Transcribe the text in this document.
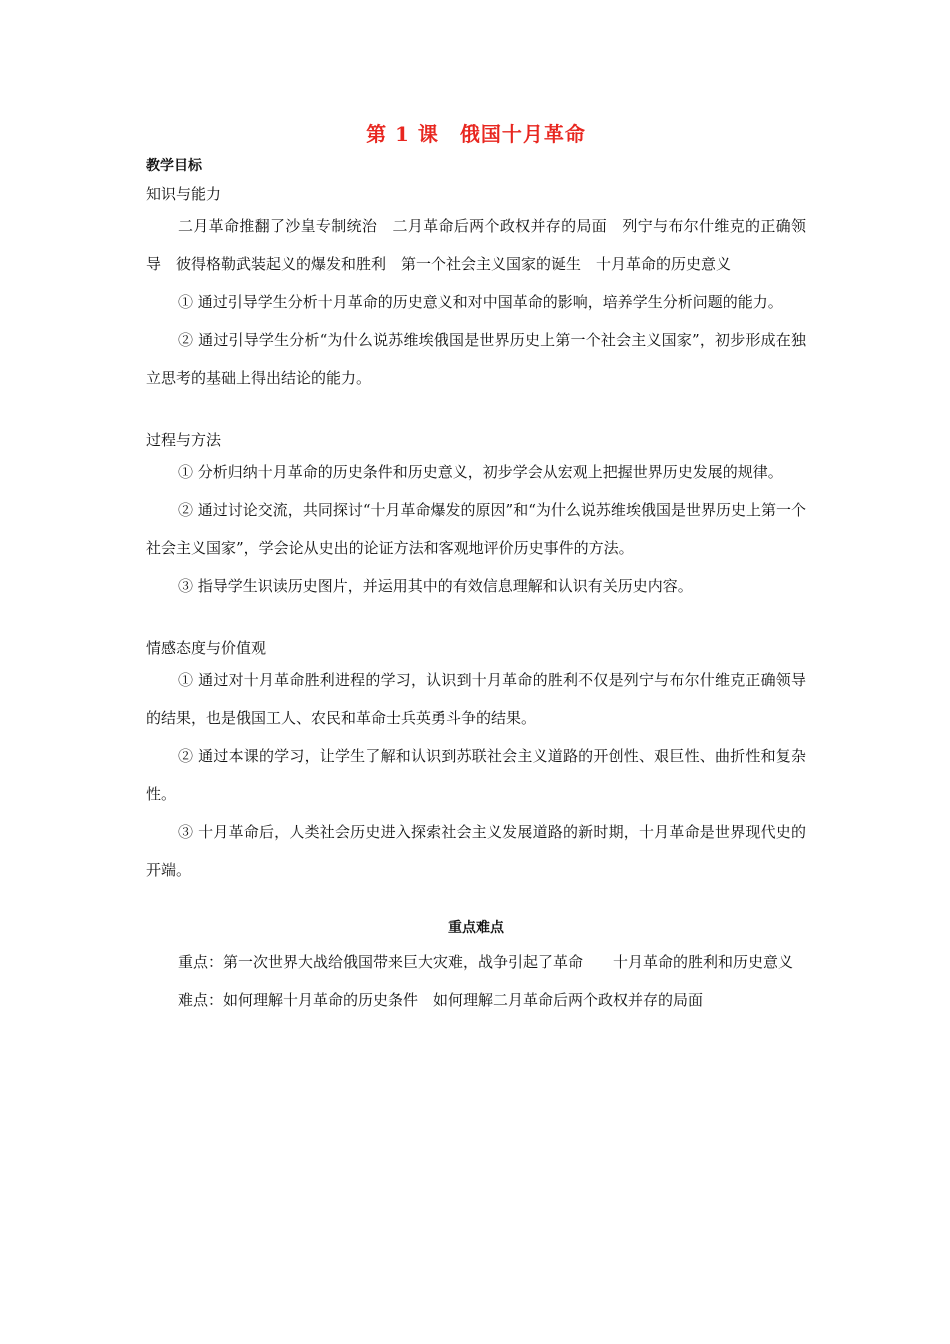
第 1 课　俄国十月革命
教学目标
知识与能力

二月革命推翻了沙皇专制统治　二月革命后两个政权并存的局面　列宁与布尔什维克的正确领导　彼得格勒武装起义的爆发和胜利　第一个社会主义国家的诞生　十月革命的历史意义

① 通过引导学生分析十月革命的历史意义和对中国革命的影响，培养学生分析问题的能力。

② 通过引导学生分析“为什么说苏维埃俄国是世界历史上第一个社会主义国家”，初步形成在独立思考的基础上得出结论的能力。

过程与方法

① 分析归纳十月革命的历史条件和历史意义，初步学会从宏观上把握世界历史发展的规律。

② 通过讨论交流，共同探讨“十月革命爆发的原因”和“为什么说苏维埃俄国是世界历史上第一个社会主义国家”，学会论从史出的论证方法和客观地评价历史事件的方法。

③ 指导学生识读历史图片，并运用其中的有效信息理解和认识有关历史内容。

情感态度与价值观

① 通过对十月革命胜利进程的学习，认识到十月革命的胜利不仅是列宁与布尔什维克正确领导的结果，也是俄国工人、农民和革命士兵英勇斗争的结果。

② 通过本课的学习，让学生了解和认识到苏联社会主义道路的开创性、艰巨性、曲折性和复杂性。

③ 十月革命后，人类社会历史进入探索社会主义发展道路的新时期，十月革命是世界现代史的开端。

重点难点

重点：第一次世界大战给俄国带来巨大灾难，战争引起了革命　　十月革命的胜利和历史意义

难点：如何理解十月革命的历史条件　如何理解二月革命后两个政权并存的局面
